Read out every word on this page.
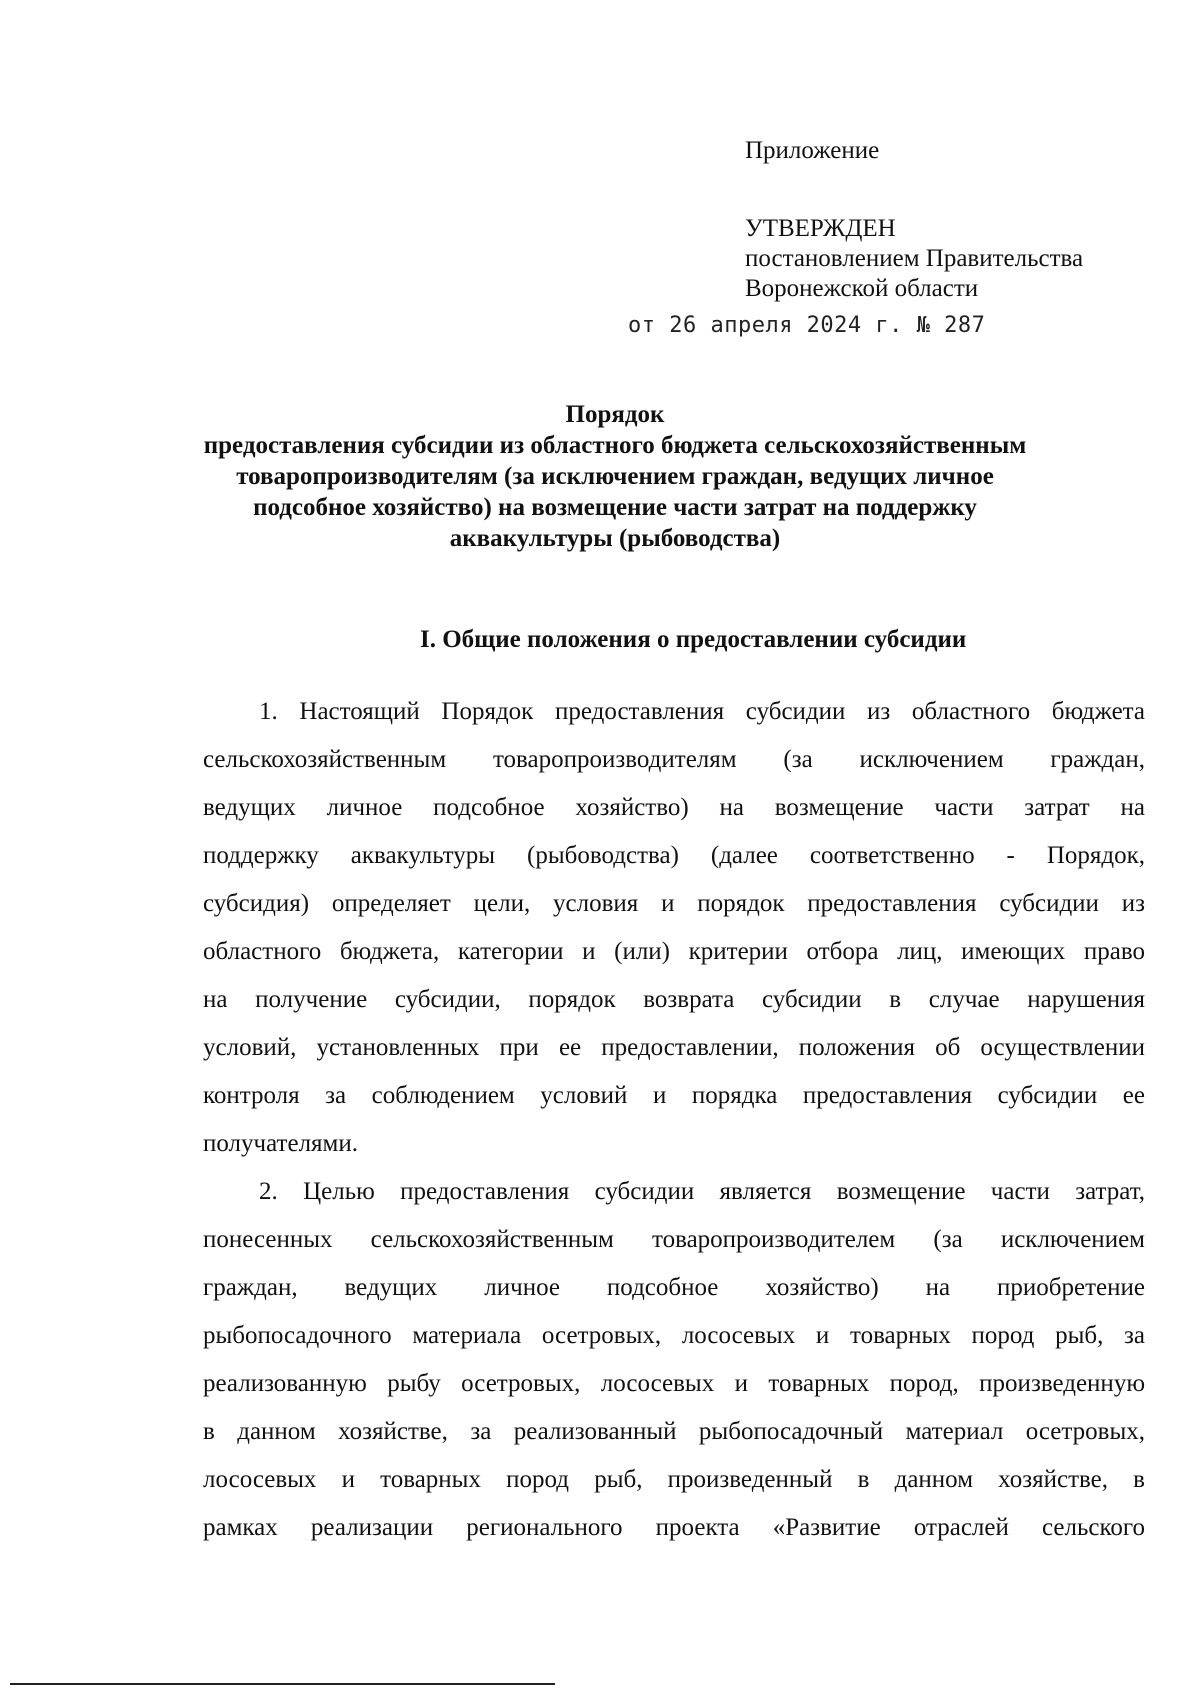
Приложение
УТВЕРЖДЕН
постановлением Правительства
Воронежской области
от 26 апреля 2024 г. № 287
Порядок
предоставления субсидии из областного бюджета сельскохозяйственным
товаропроизводителям (за исключением граждан, ведущих личное
подсобное хозяйство) на возмещение части затрат на поддержку
аквакультуры (рыбоводства)
I. Общие положения о предоставлении субсидии
1. Настоящий Порядок предоставления субсидии из областного бюджета
сельскохозяйственным товаропроизводителям (за исключением граждан,
ведущих личное подсобное хозяйство) на возмещение части затрат на
поддержку аквакультуры (рыбоводства) (далее соответственно - Порядок,
субсидия) определяет цели, условия и порядок предоставления субсидии из
областного бюджета, категории и (или) критерии отбора лиц, имеющих право
на получение субсидии, порядок возврата субсидии в случае нарушения
условий, установленных при ее предоставлении, положения об осуществлении
контроля за соблюдением условий и порядка предоставления субсидии ее
получателями.
2. Целью предоставления субсидии является возмещение части затрат,
понесенных сельскохозяйственным товаропроизводителем (за исключением
граждан, ведущих личное подсобное хозяйство) на приобретение
рыбопосадочного материала осетровых, лососевых и товарных пород рыб, за
реализованную рыбу осетровых, лососевых и товарных пород, произведенную
в данном хозяйстве, за реализованный рыбопосадочный материал осетровых,
лососевых и товарных пород рыб, произведенный в данном хозяйстве, в
рамках реализации регионального проекта «Развитие отраслей сельского
